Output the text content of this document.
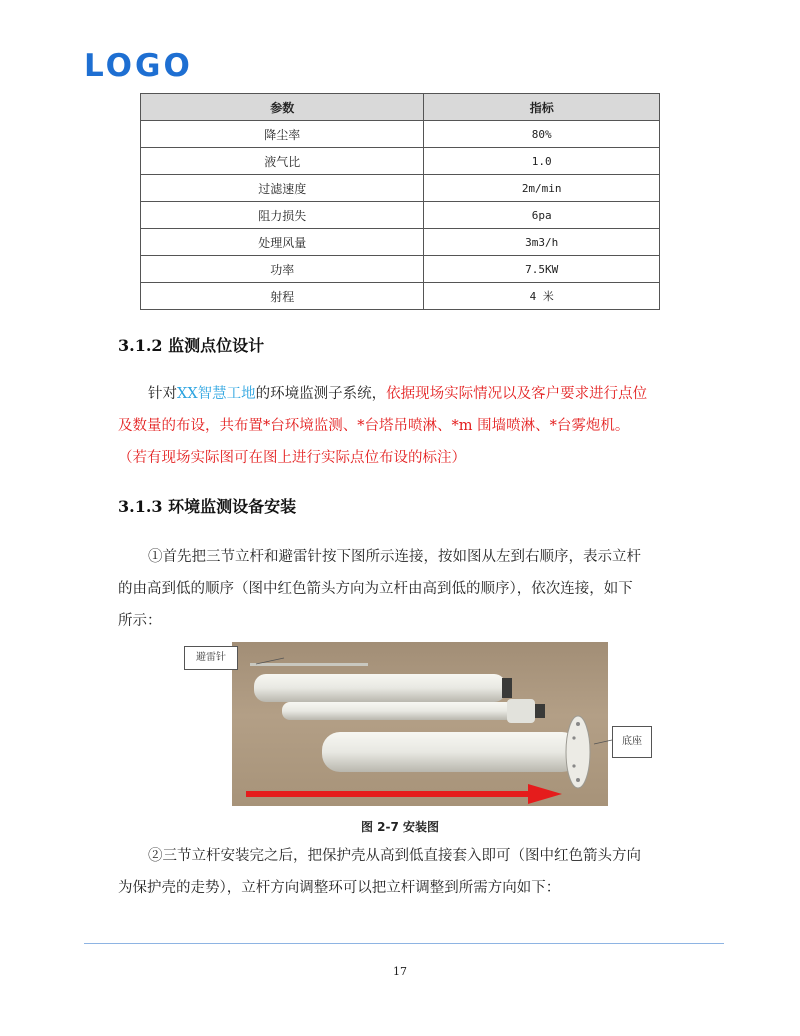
LOGO
参数	指标
降尘率	80%
液气比	1.0
过滤速度	2m/min
阻力损失	6pa
处理风量	3m3/h
功率	7.5KW
射程	4 米
3.1.2 监测点位设计
针对XX智慧工地的环境监测子系统，依据现场实际情况以及客户要求进行点位
及数量的布设，共布置*台环境监测、*台塔吊喷淋、*m 围墙喷淋、*台雾炮机。
（若有现场实际图可在图上进行实际点位布设的标注）
3.1.3 环境监测设备安装
①首先把三节立杆和避雷针按下图所示连接，按如图从左到右顺序，表示立杆
的由高到低的顺序（图中红色箭头方向为立杆由高到低的顺序），依次连接，如下
所示：
避雷针
底座
图 2-7 安装图
②三节立杆安装完之后，把保护壳从高到低直接套入即可（图中红色箭头方向
为保护壳的走势），立杆方向调整环可以把立杆调整到所需方向如下：
17
